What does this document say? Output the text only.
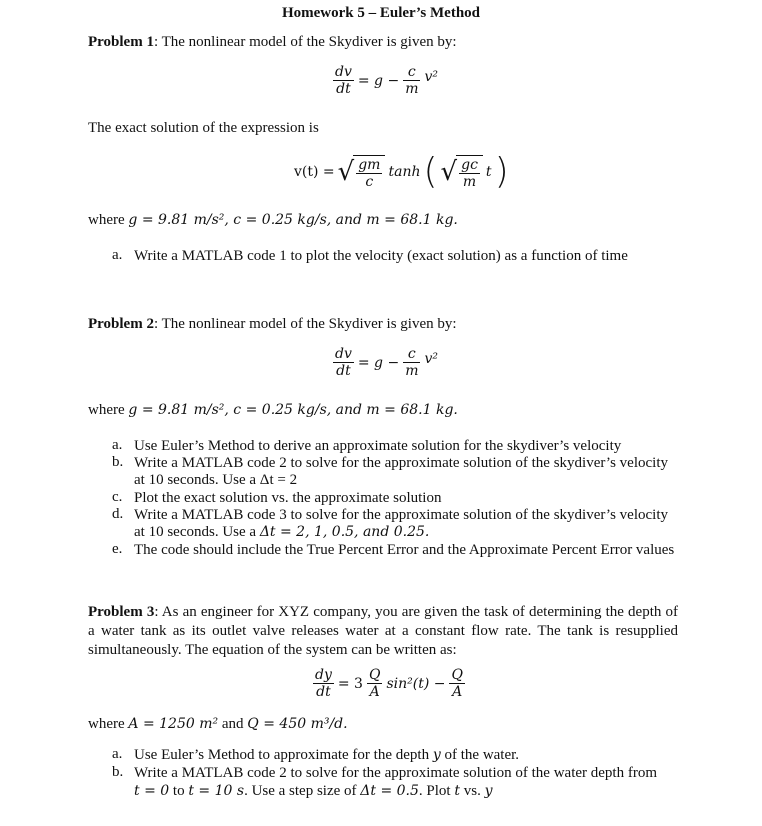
Homework 5 – Euler’s Method
Problem 1: The nonlinear model of the Skydiver is given by:
$\frac{dv}{dt} = g - \frac{c}{m} v^2$
The exact solution of the expression is
v(t) = √ $\frac{gm}{c}$ tanh ( √ $\frac{gc}{m}$ t )
where g = 9.81 m/s², c = 0.25 kg/s, and m = 68.1 kg.
a. Write a MATLAB code 1 to plot the velocity (exact solution) as a function of time
Problem 2: The nonlinear model of the Skydiver is given by:
$\frac{dv}{dt} = g - \frac{c}{m} v^2$
where g = 9.81 m/s², c = 0.25 kg/s, and m = 68.1 kg.
a. Use Euler’s Method to derive an approximate solution for the skydiver’s velocity
b. Write a MATLAB code 2 to solve for the approximate solution of the skydiver’s velocity
at 10 seconds. Use a Δt = 2
c. Plot the exact solution vs. the approximate solution
d. Write a MATLAB code 3 to solve for the approximate solution of the skydiver’s velocity
at 10 seconds. Use a Δt = 2, 1, 0.5, and 0.25.
e. The code should include the True Percent Error and the Approximate Percent Error values
Problem 3: As an engineer for XYZ company, you are given the task of determining the depth of a water tank as its outlet valve releases water at a constant flow rate. The tank is resupplied simultaneously. The equation of the system can be written as:
$\frac{dy}{dt} = 3 \frac{Q}{A} \sin^2(t) - \frac{Q}{A}$
where A = 1250 m² and Q = 450 m³/d.
a. Use Euler’s Method to approximate for the depth y of the water.
b. Write a MATLAB code 2 to solve for the approximate solution of the water depth from
t = 0 to t = 10 s. Use a step size of Δt = 0.5. Plot t vs. y
